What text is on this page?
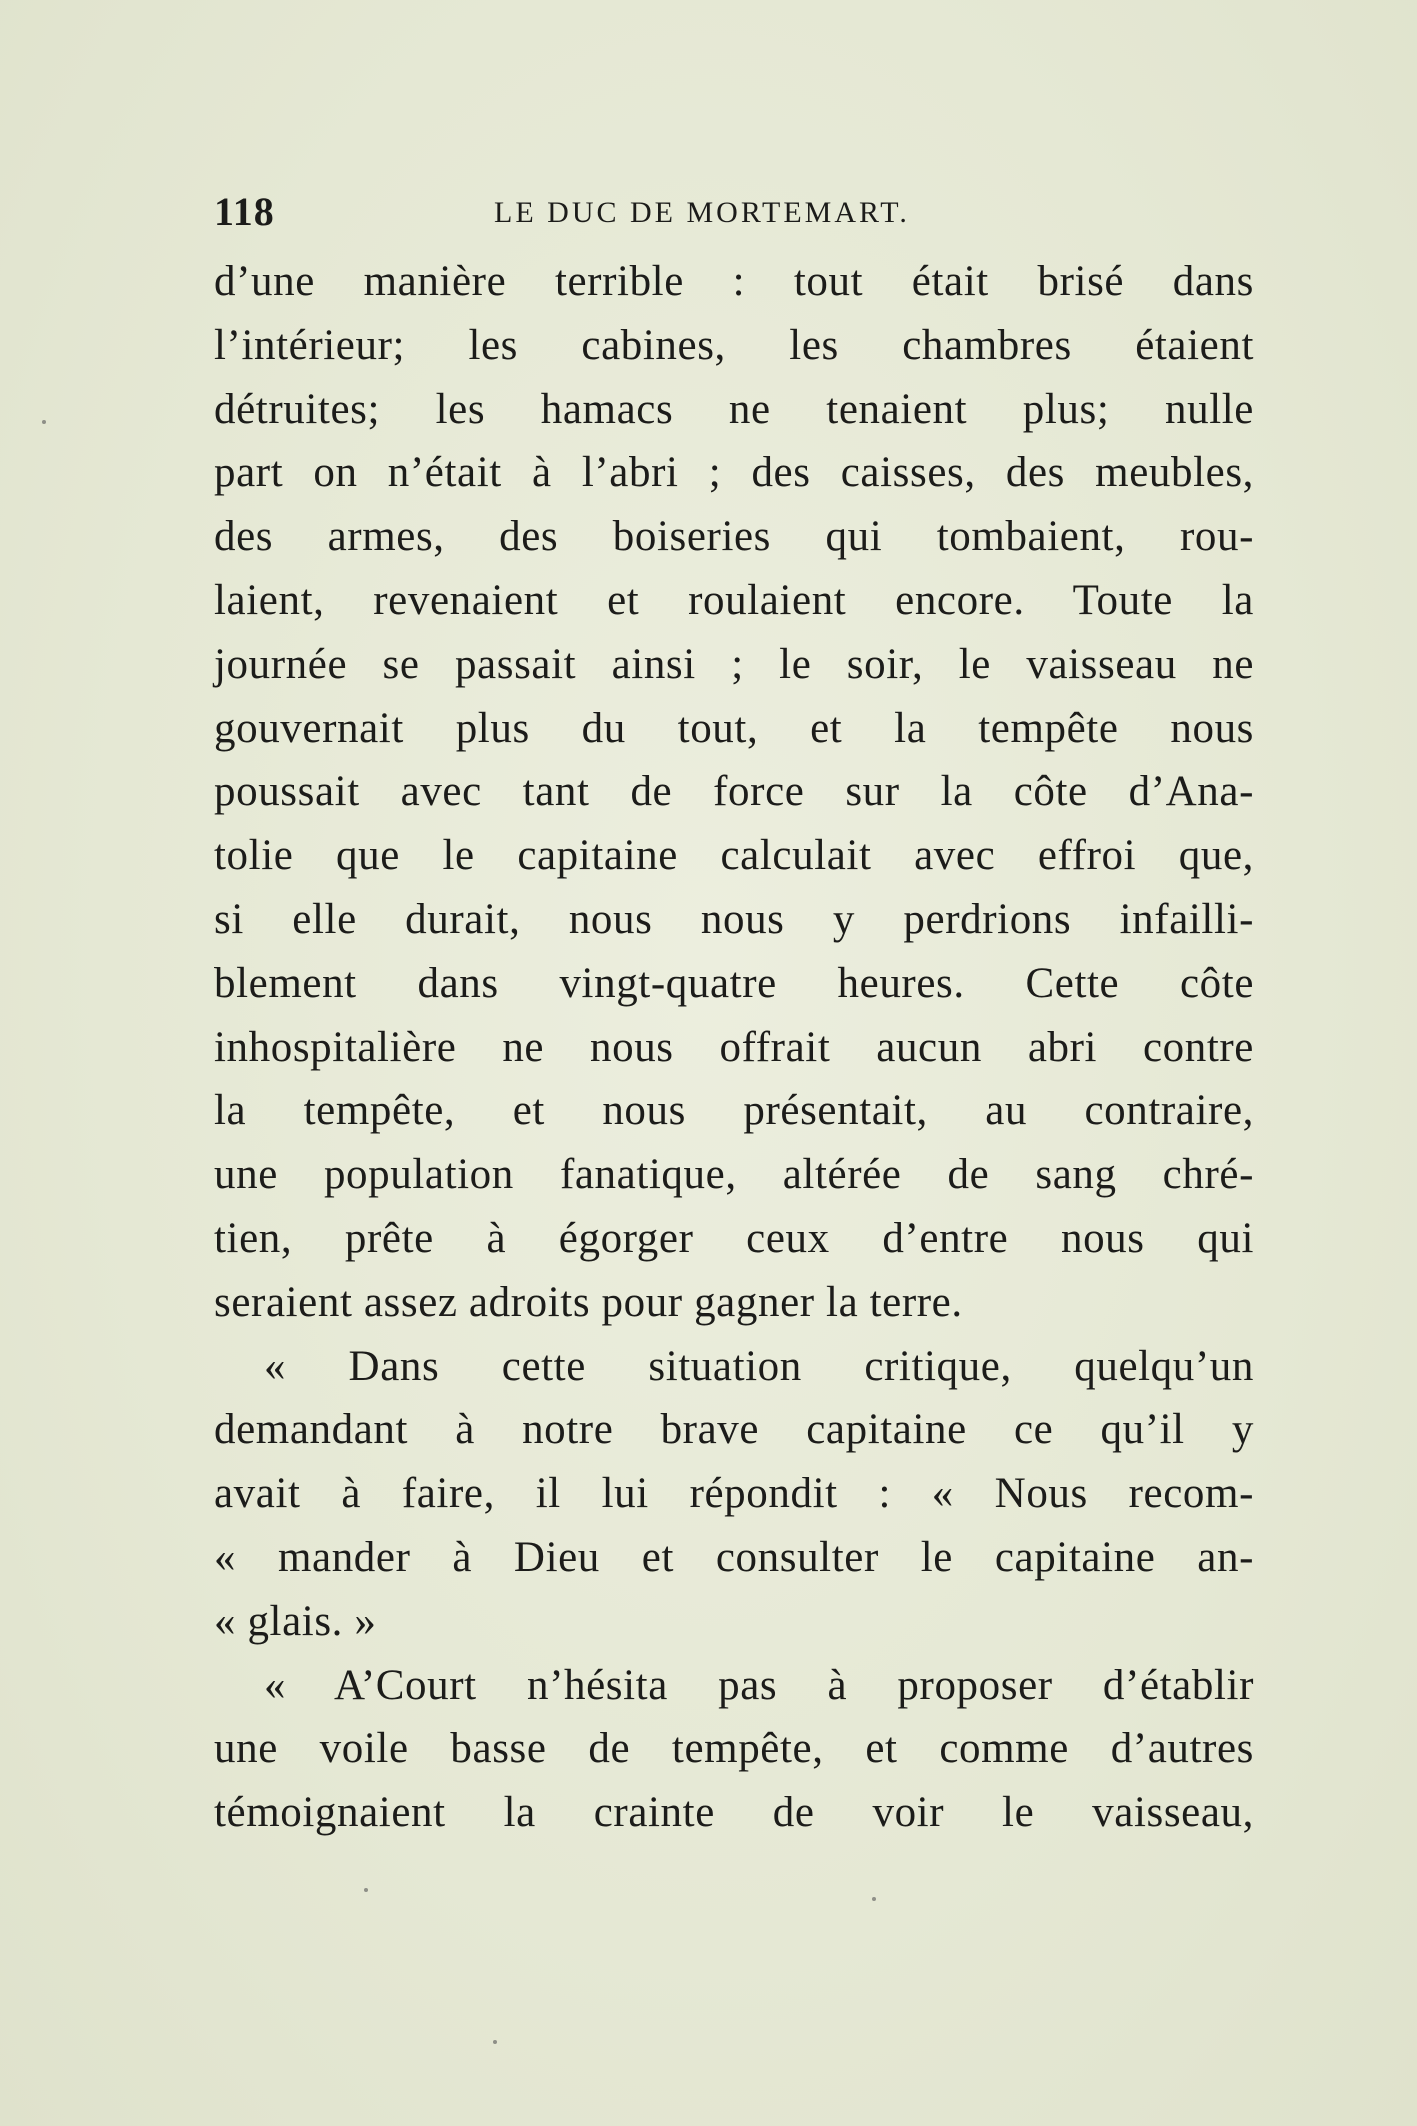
118	LE DUC DE MORTEMART.
d’une manière terrible : tout était brisé dans
l’intérieur; les cabines, les chambres étaient
détruites; les hamacs ne tenaient plus; nulle
part on n’était à l’abri ; des caisses, des meubles,
des armes, des boiseries qui tombaient, rou-
laient, revenaient et roulaient encore. Toute la
journée se passait ainsi ; le soir, le vaisseau ne
gouvernait plus du tout, et la tempête nous
poussait avec tant de force sur la côte d’Ana-
tolie que le capitaine calculait avec effroi que,
si elle durait, nous nous y perdrions infailli-
blement dans vingt-quatre heures. Cette côte
inhospitalière ne nous offrait aucun abri contre
la tempête, et nous présentait, au contraire,
une population fanatique, altérée de sang chré-
tien, prête à égorger ceux d’entre nous qui
seraient assez adroits pour gagner la terre.
« Dans cette situation critique, quelqu’un
demandant à notre brave capitaine ce qu’il y
avait à faire, il lui répondit : « Nous recom-
« mander à Dieu et consulter le capitaine an-
« glais. »
« A’Court n’hésita pas à proposer d’établir
une voile basse de tempête, et comme d’autres
témoignaient la crainte de voir le vaisseau,
